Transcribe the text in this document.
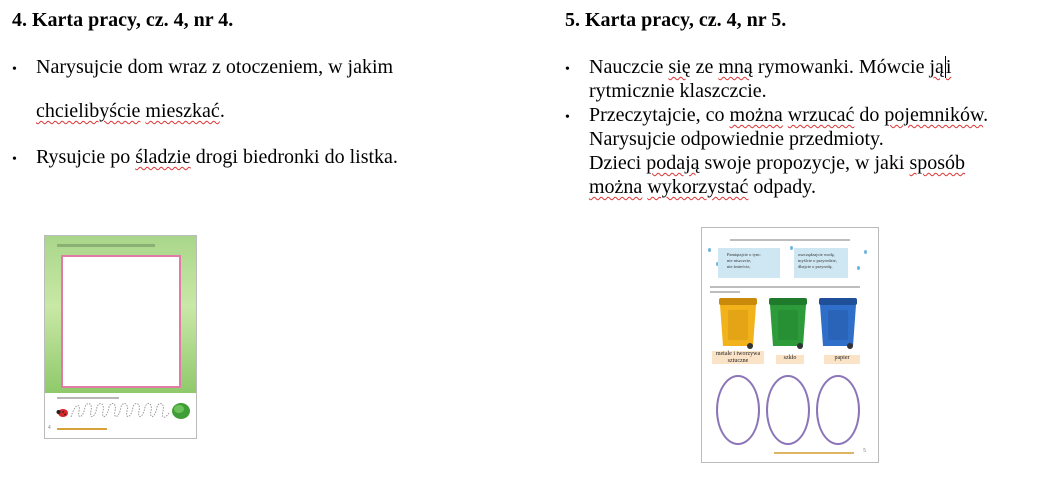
4. Karta pracy, cz. 4, nr 4.
• Narysujcie dom wraz z otoczeniem, w jakim
chcielibyście mieszkać.
• Rysujcie po śladzie drogi biedronki do listka.
4
5. Karta pracy, cz. 4, nr 5.
• Nauczcie się ze mną rymowanki. Mówcie ją i
rytmicznie klaszczcie.
• Przeczytajcie, co można wrzucać do pojemników.
Narysujcie odpowiednie przedmioty.
Dzieci podają swoje propozycje, w jaki sposób
można wykorzystać odpady.
Pamiętajcie o tym:
nie niszczcie,
nie śmiećcie,
oszczędzajcie wodę,
myślcie o przyrodzie,
dbajcie o przyrodę.
metale i tworzywa
sztuczne	szkło	papier
5
